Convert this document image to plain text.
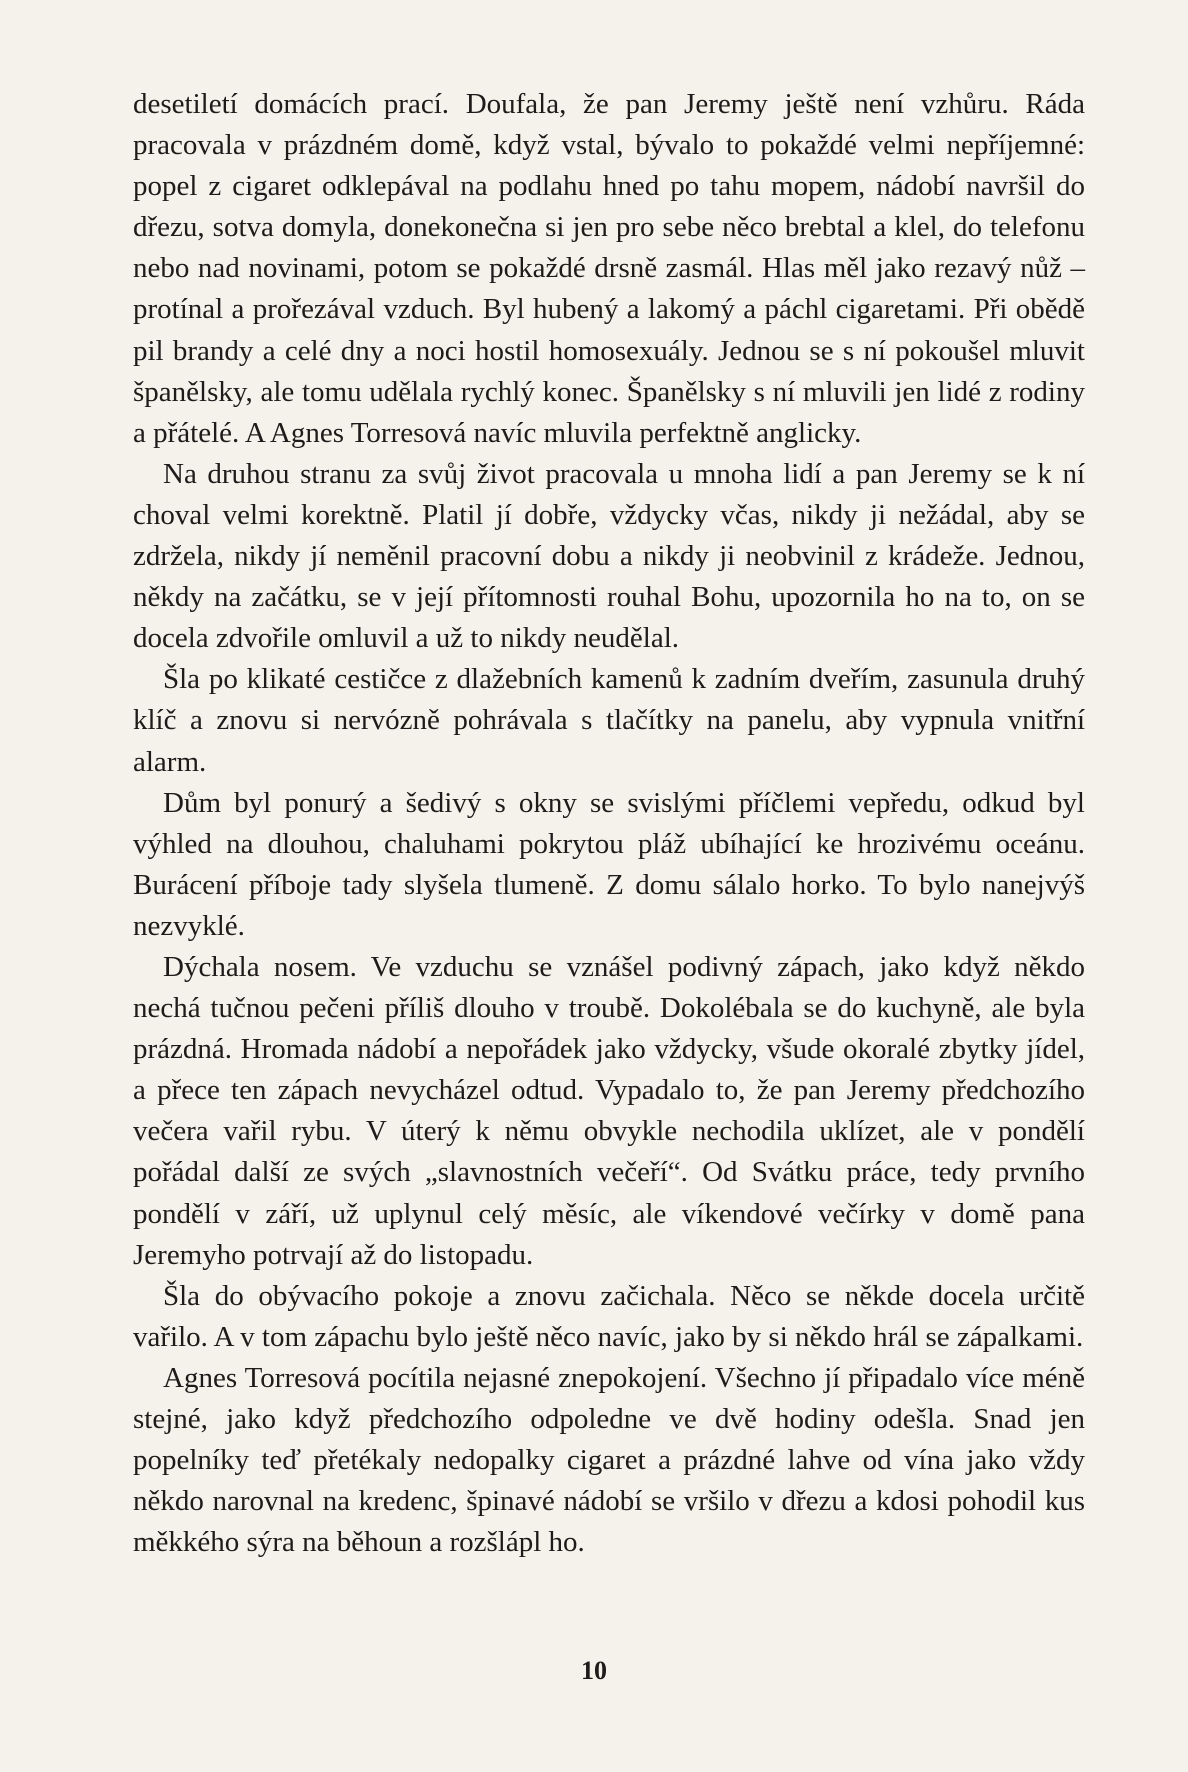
desetiletí domácích prací. Doufala, že pan Jeremy ještě není vzhůru. Ráda pracovala v prázdném domě, když vstal, bývalo to pokaždé velmi nepříjemné: popel z cigaret odklepával na podlahu hned po tahu mopem, nádobí navršil do dřezu, sotva domyla, donekonečna si jen pro sebe něco brebtal a klel, do telefonu nebo nad novinami, potom se pokaždé drsně zasmál. Hlas měl jako rezavý nůž – protínal a prořezával vzduch. Byl hubený a lakomý a páchl cigaretami. Při obědě pil brandy a celé dny a noci hostil homosexuály. Jednou se s ní pokoušel mluvit španělsky, ale tomu udělala rychlý konec. Španělsky s ní mluvili jen lidé z rodiny a přátelé. A Agnes Torresová navíc mluvila perfektně anglicky.

Na druhou stranu za svůj život pracovala u mnoha lidí a pan Jeremy se k ní choval velmi korektně. Platil jí dobře, vždycky včas, nikdy ji nežádal, aby se zdržela, nikdy jí neměnil pracovní dobu a nikdy ji neobvinil z krádeže. Jednou, někdy na začátku, se v její přítomnosti rouhal Bohu, upozornila ho na to, on se docela zdvořile omluvil a už to nikdy neudělal.

Šla po klikaté cestičce z dlažebních kamenů k zadním dveřím, zasunula druhý klíč a znovu si nervózně pohrávala s tlačítky na panelu, aby vypnula vnitřní alarm.

Dům byl ponurý a šedivý s okny se svislými příčlemi vepředu, odkud byl výhled na dlouhou, chaluhami pokrytou pláž ubíhající ke hrozivému oceánu. Burácení příboje tady slyšela tlumeně. Z domu sálalo horko. To bylo nanejvýš nezvyklé.

Dýchala nosem. Ve vzduchu se vznášel podivný zápach, jako když někdo nechá tučnou pečeni příliš dlouho v troubě. Dokolébala se do kuchyně, ale byla prázdná. Hromada nádobí a nepořádek jako vždycky, všude okoralé zbytky jídel, a přece ten zápach nevycházel odtud. Vypadalo to, že pan Jeremy předchozího večera vařil rybu. V úterý k němu obvykle nechodila uklízet, ale v pondělí pořádal další ze svých „slavnostních večeří“. Od Svátku práce, tedy prvního pondělí v září, už uplynul celý měsíc, ale víkendové večírky v domě pana Jeremyho potrvají až do listopadu.

Šla do obývacího pokoje a znovu začichala. Něco se někde docela určitě vařilo. A v tom zápachu bylo ještě něco navíc, jako by si někdo hrál se zápalkami.

Agnes Torresová pocítila nejasné znepokojení. Všechno jí připadalo více méně stejné, jako když předchozího odpoledne ve dvě hodiny odešla. Snad jen popelníky teď přetékaly nedopalky cigaret a prázdné lahve od vína jako vždy někdo narovnal na kredenc, špinavé nádobí se vršilo v dřezu a kdosi pohodil kus měkkého sýra na běhoun a rozšlápl ho.

10
